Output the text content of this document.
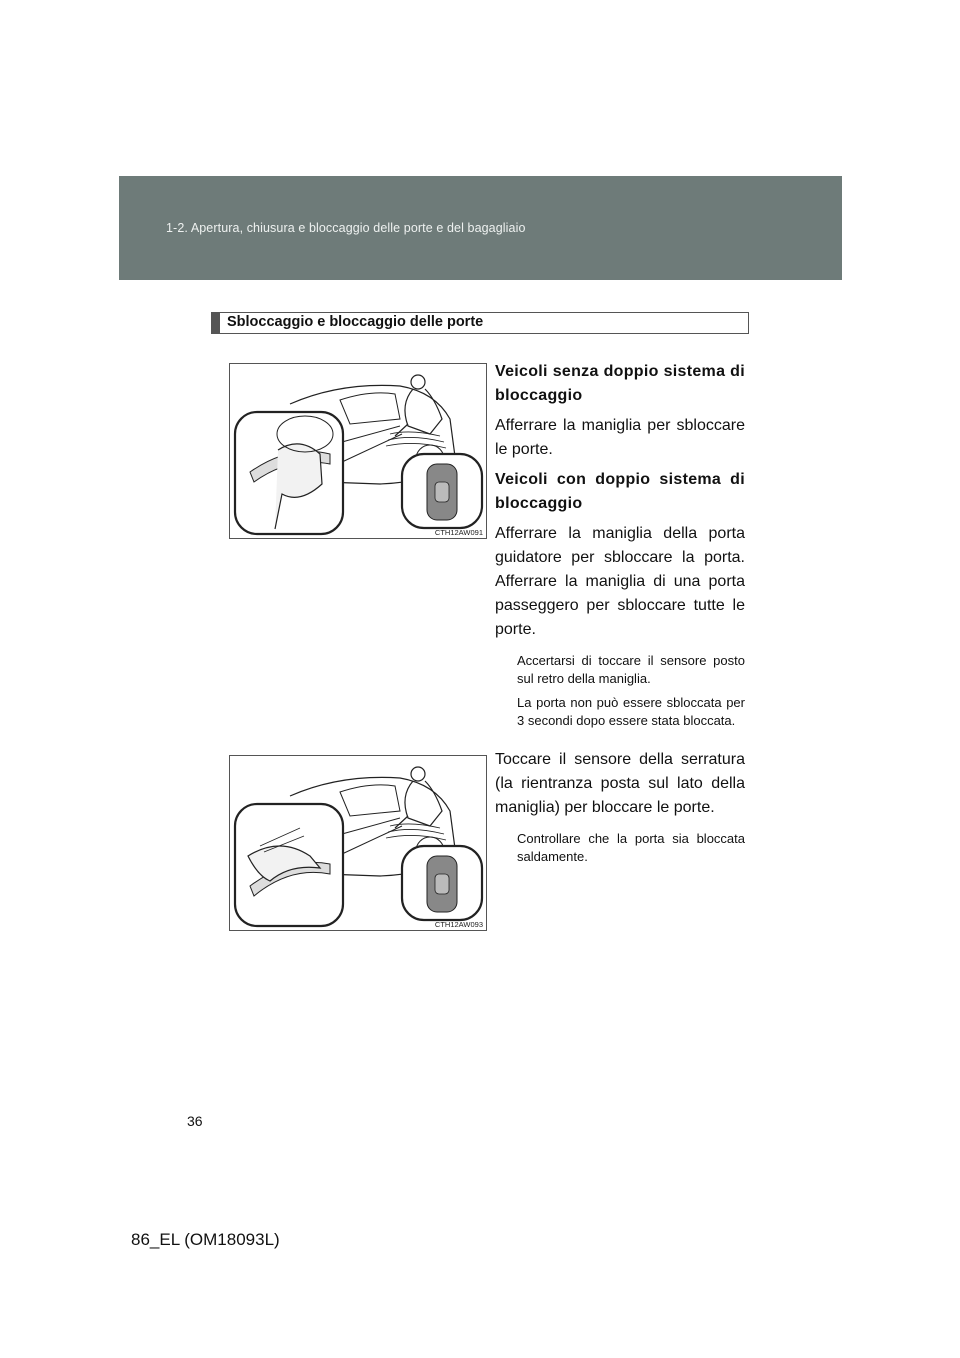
1-2. Apertura, chiusura e bloccaggio delle porte e del bagagliaio
Sbloccaggio e bloccaggio delle porte
CTH12AW091
CTH12AW093

Veicoli senza doppio sistema di bloccaggio

Afferrare la maniglia per sbloccare le porte.

Veicoli con doppio sistema di bloccaggio

Afferrare la maniglia della porta guidatore per sbloccare la porta. Afferrare la maniglia di una porta passeggero per sbloccare tutte le porte.

Accertarsi di toccare il sensore posto sul retro della maniglia.

La porta non può essere sbloccata per 3 secondi dopo essere stata bloccata.

Toccare il sensore della serratura (la rientranza posta sul lato della maniglia) per bloccare le porte.

Controllare che la porta sia bloccata saldamente.

36
86_EL (OM18093L)
